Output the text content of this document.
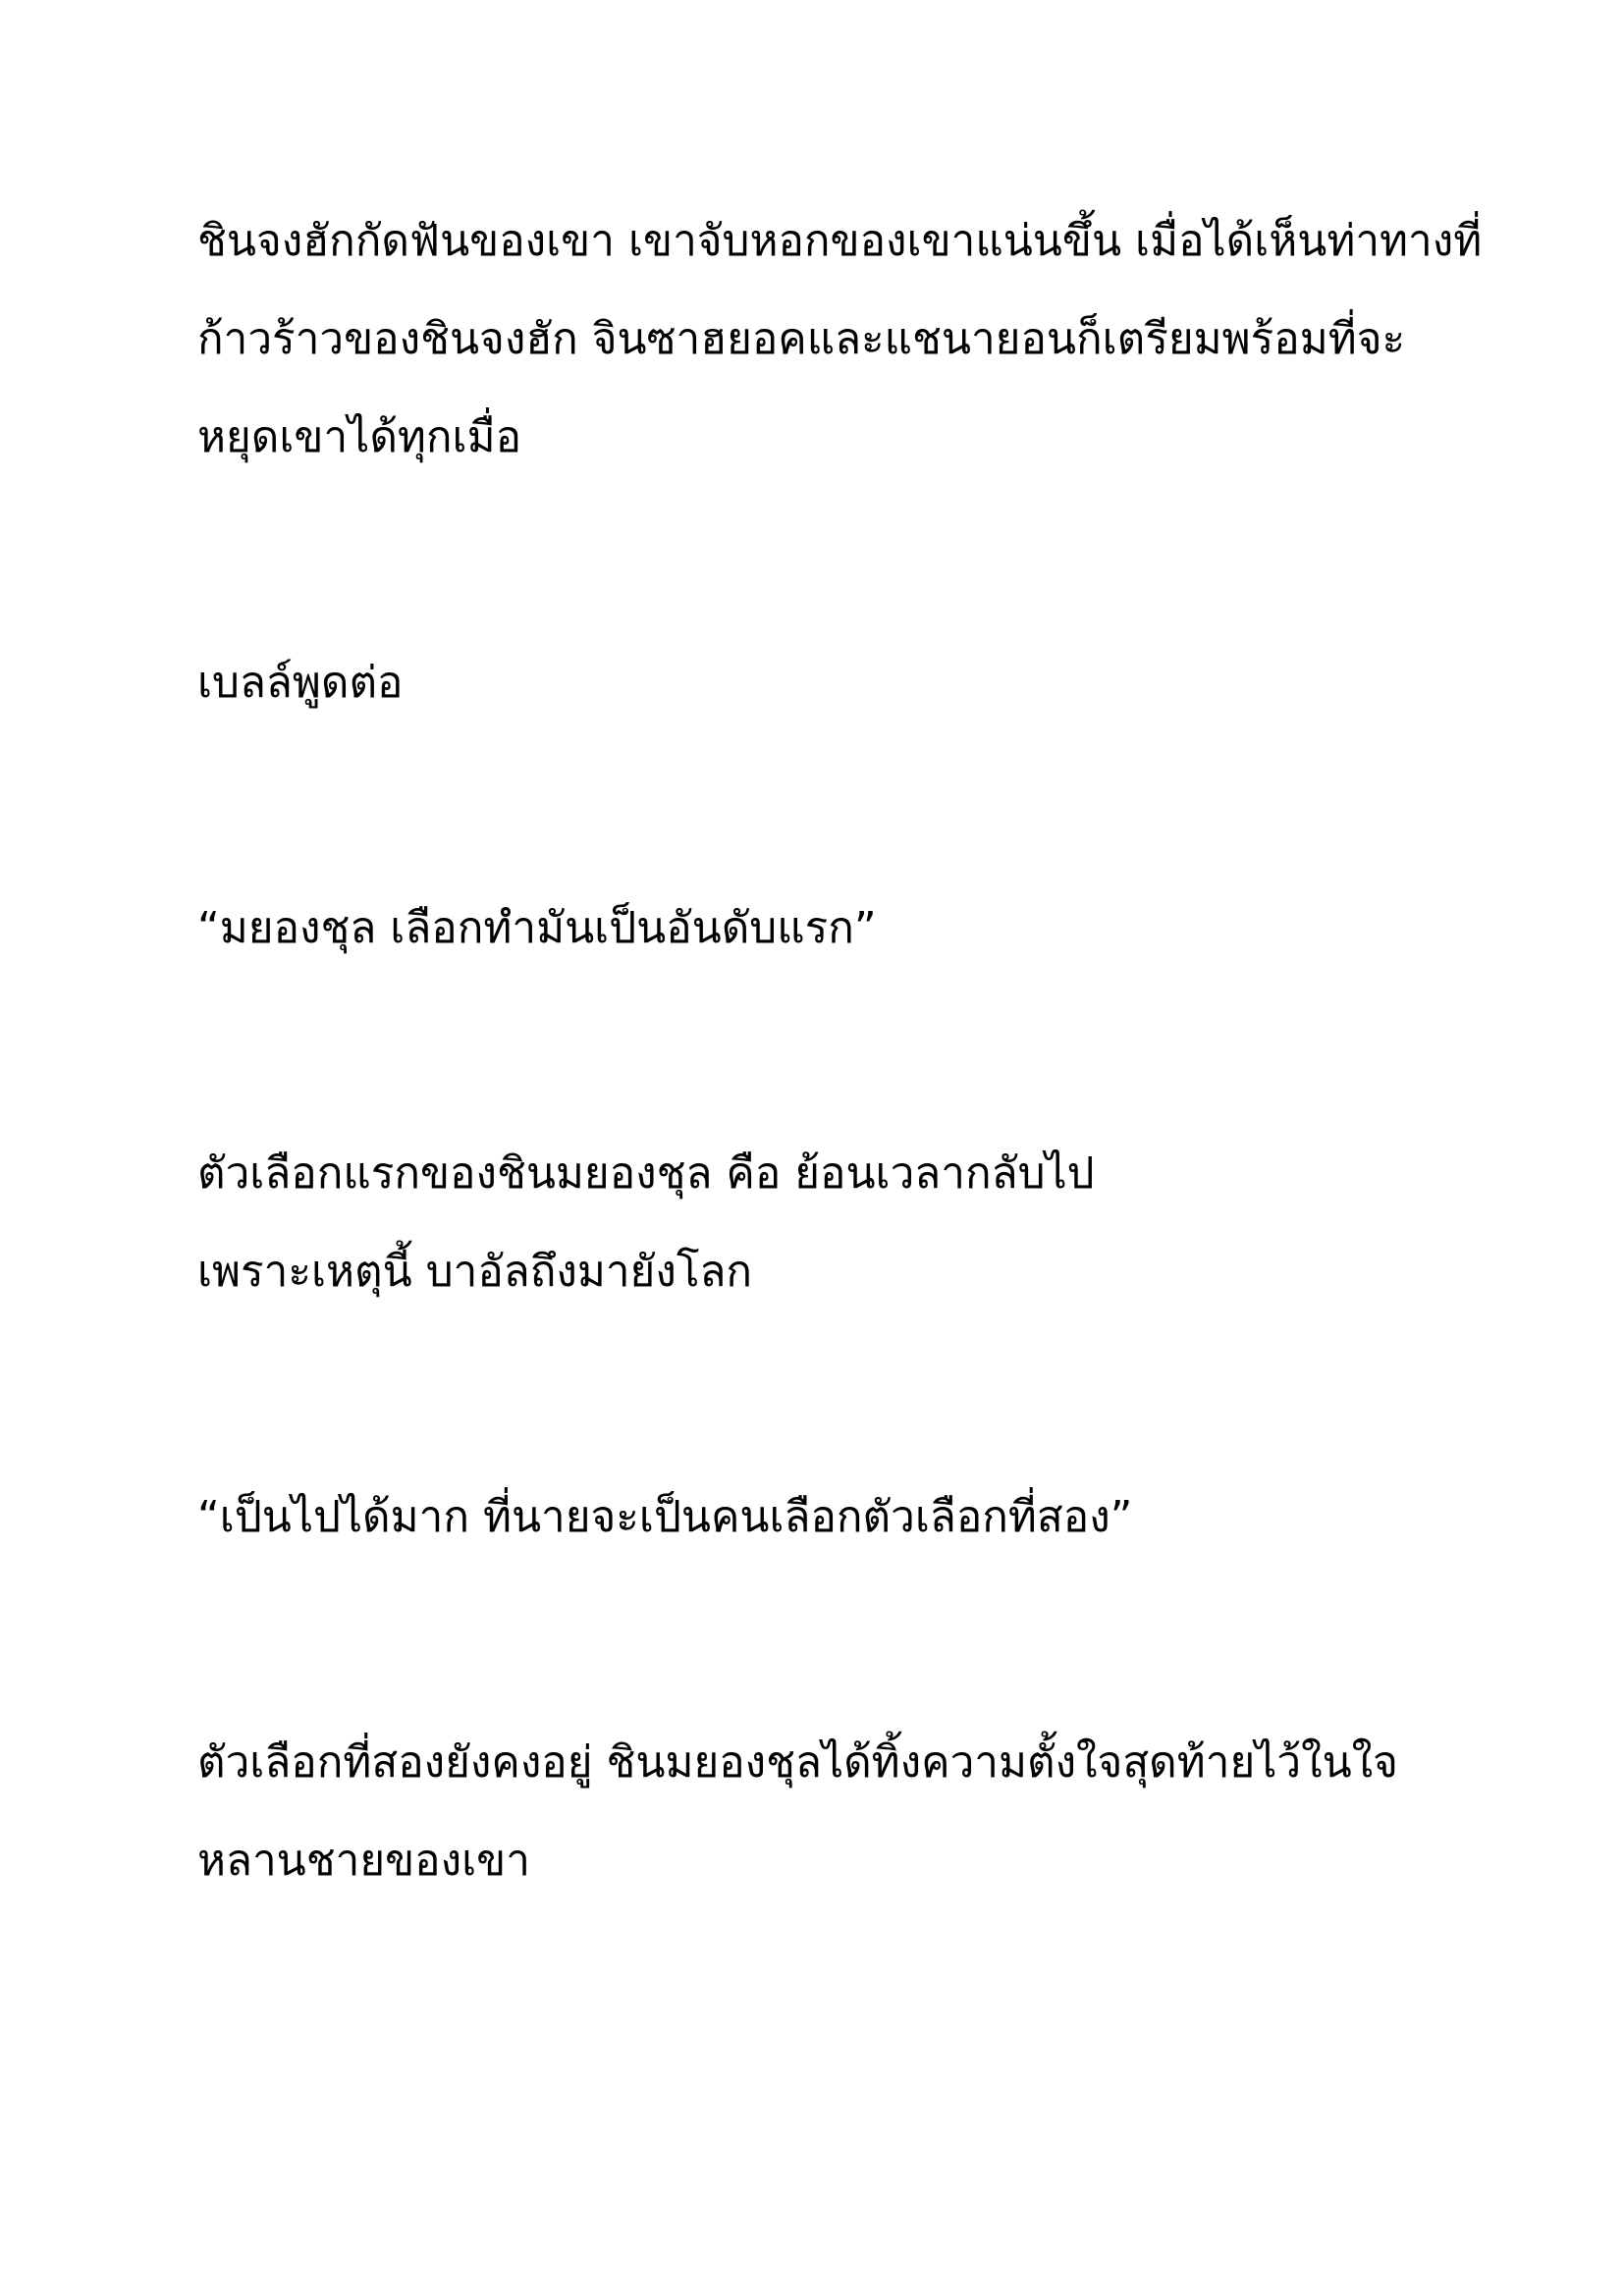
ชินจงฮักกัดฟันของเขา เขาจับหอกของเขาแน่นขึ้น เมื่อได้เห็นท่าทางที่

ก้าวร้าวของชินจงฮัก จินซาฮยอคและแชนายอนก็เตรียมพร้อมที่จะ

หยุดเขาได้ทุกเมื่อ

เบลล์พูดต่อ

“มยองชุล เลือกทำมันเป็นอันดับแรก”

ตัวเลือกแรกของชินมยองชุล คือ ย้อนเวลากลับไป

เพราะเหตุนี้ บาอัลถึงมายังโลก

“เป็นไปได้มาก ที่นายจะเป็นคนเลือกตัวเลือกที่สอง”

ตัวเลือกที่สองยังคงอยู่ ชินมยองชุลได้ทิ้งความตั้งใจสุดท้ายไว้ในใจ

หลานชายของเขา
